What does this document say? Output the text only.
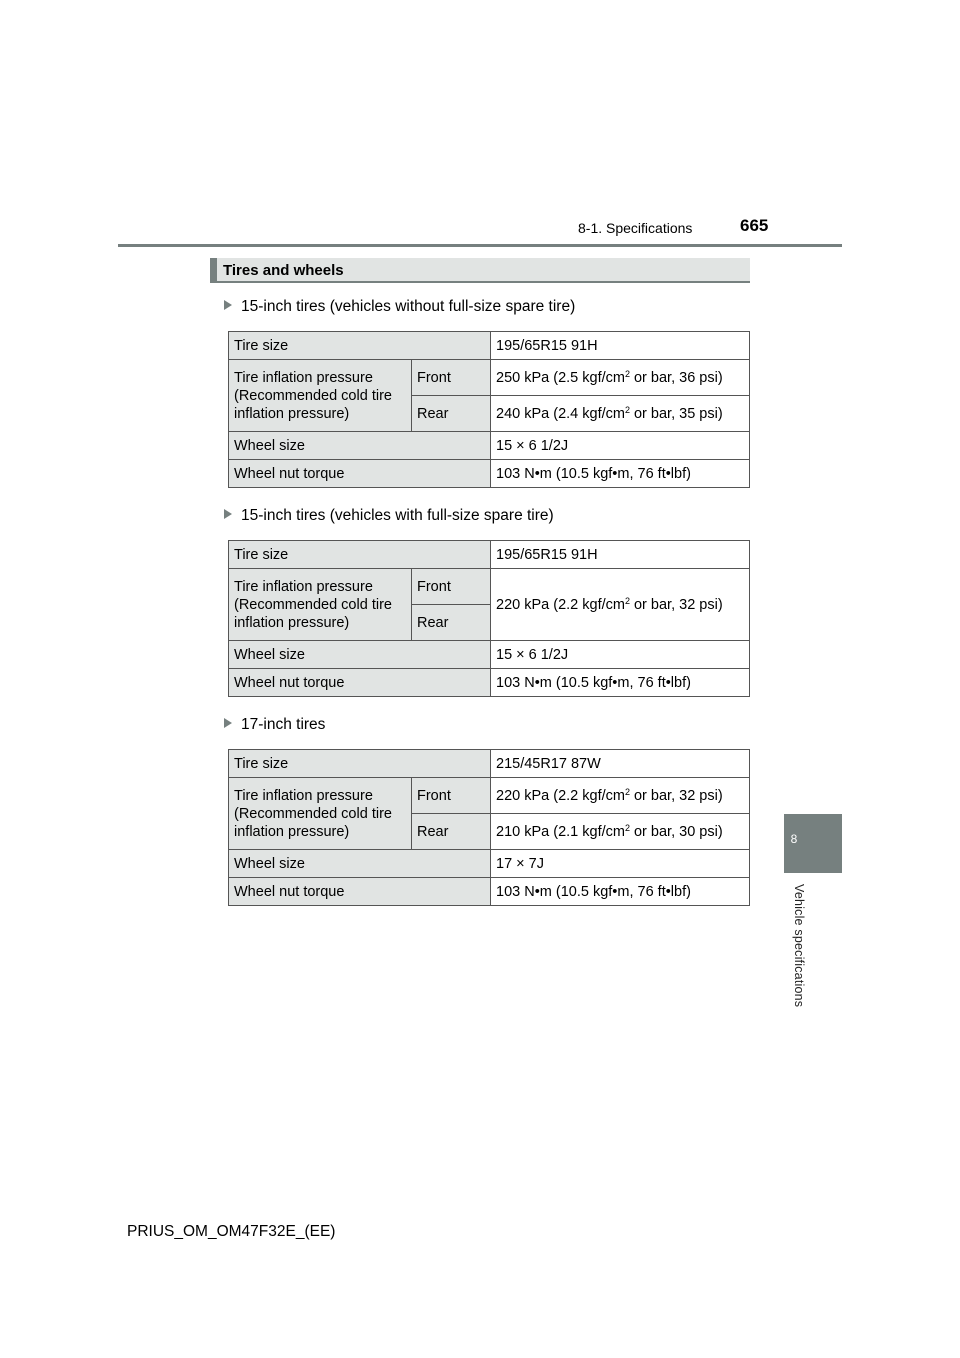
8-1. Specifications	665
8
Vehicle specifications
Tires and wheels
15-inch tires (vehicles without full-size spare tire)
Tire size		195/65R15 91H

Tire inflation pressure
(Recommended cold tire
inflation pressure)	Front	250 kPa (2.5 kgf/$cm^2$ or bar, 36 psi)
	Rear	240 kPa (2.4 kgf/$cm^2$ or bar, 35 psi)
Wheel size		15 × 6 1/2J
Wheel nut torque		103 N•m (10.5 kgf•m, 76 ft•lbf)
15-inch tires (vehicles with full-size spare tire)
Tire size		195/65R15 91H

Tire inflation pressure
(Recommended cold tire
inflation pressure)	Front	220 kPa (2.2 kgf/$cm^2$ or bar, 32 psi)
	Rear	
Wheel size		15 × 6 1/2J
Wheel nut torque		103 N•m (10.5 kgf•m, 76 ft•lbf)
17-inch tires
Tire size		215/45R17 87W

Tire inflation pressure
(Recommended cold tire
inflation pressure)	Front	220 kPa (2.2 kgf/$cm^2$ or bar, 32 psi)
	Rear	210 kPa (2.1 kgf/$cm^2$ or bar, 30 psi)
Wheel size		17 × 7J
Wheel nut torque		103 N•m (10.5 kgf•m, 76 ft•lbf)
PRIUS_OM_OM47F32E_(EE)
